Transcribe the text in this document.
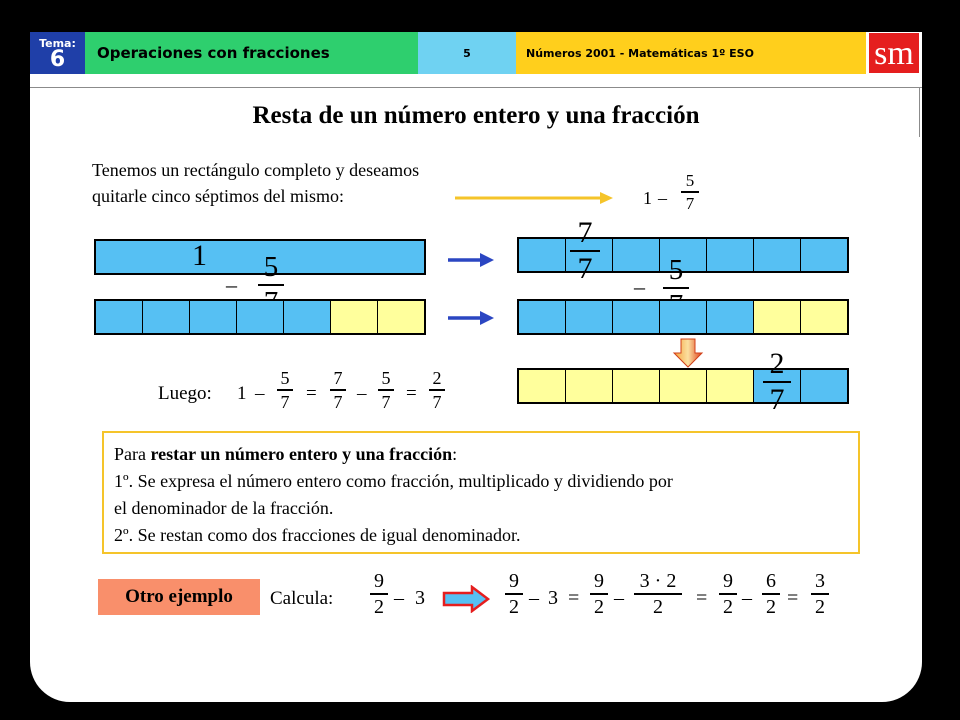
Tema:
6	Operaciones con fracciones	5	Números 2001 - Matemáticas 1º ESO	sm
Resta de un número entero y una fracción
Tenemos un rectángulo completo y deseamos
quitarle cinco séptimos del mismo:	1 –
5
7
1
–
5
7
7
–
5
2
7
Luego: 1 –
5
7 =
7
7 –
5
7 =
2
7
Para restar un número entero y una fracción:
1º. Se expresa el número entero como fracción, multiplicado y dividiendo por
el denominador de la fracción.
2º. Se restan como dos fracciones de igual denominador.
Otro ejemplo	Calcula:
9
2 – 3
9
2 – 3 =
9
2 –
3 · 2
2 =
9
2 –
6
2 =
3
2
